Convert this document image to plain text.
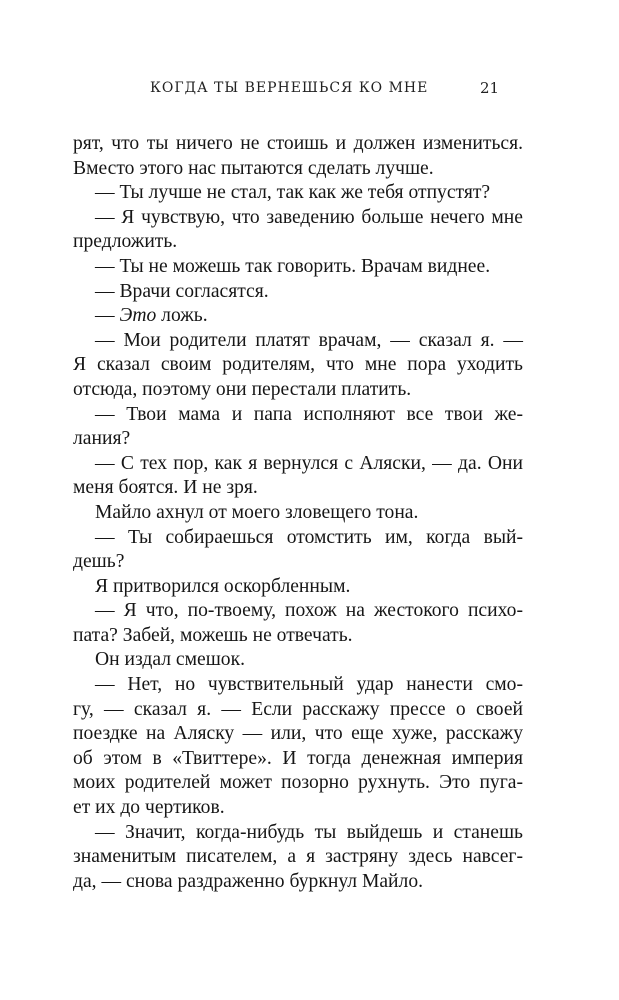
КОГДА ТЫ ВЕРНЕШЬСЯ КО МНЕ	21
рят, что ты ничего не стоишь и должен измениться.
Вместо этого нас пытаются сделать лучше.
— Ты лучше не стал, так как же тебя отпустят?
— Я чувствую, что заведению больше нечего мне
предложить.
— Ты не можешь так говорить. Врачам виднее.
— Врачи согласятся.
— Это ложь.
— Мои родители платят врачам, — сказал я. —
Я сказал своим родителям, что мне пора уходить
отсюда, поэтому они перестали платить.
— Твои мама и папа исполняют все твои же-
лания?
— С тех пор, как я вернулся с Аляски, — да. Они
меня боятся. И не зря.
Майло ахнул от моего зловещего тона.
— Ты собираешься отомстить им, когда вый-
дешь?
Я притворился оскорбленным.
— Я что, по-твоему, похож на жестокого психо-
пата? Забей, можешь не отвечать.
Он издал смешок.
— Нет, но чувствительный удар нанести смо-
гу, — сказал я. — Если расскажу прессе о своей
поездке на Аляску — или, что еще хуже, расскажу
об этом в «Твиттере». И тогда денежная империя
моих родителей может позорно рухнуть. Это пуга-
ет их до чертиков.
— Значит, когда-нибудь ты выйдешь и станешь
знаменитым писателем, а я застряну здесь навсег-
да, — снова раздраженно буркнул Майло.
